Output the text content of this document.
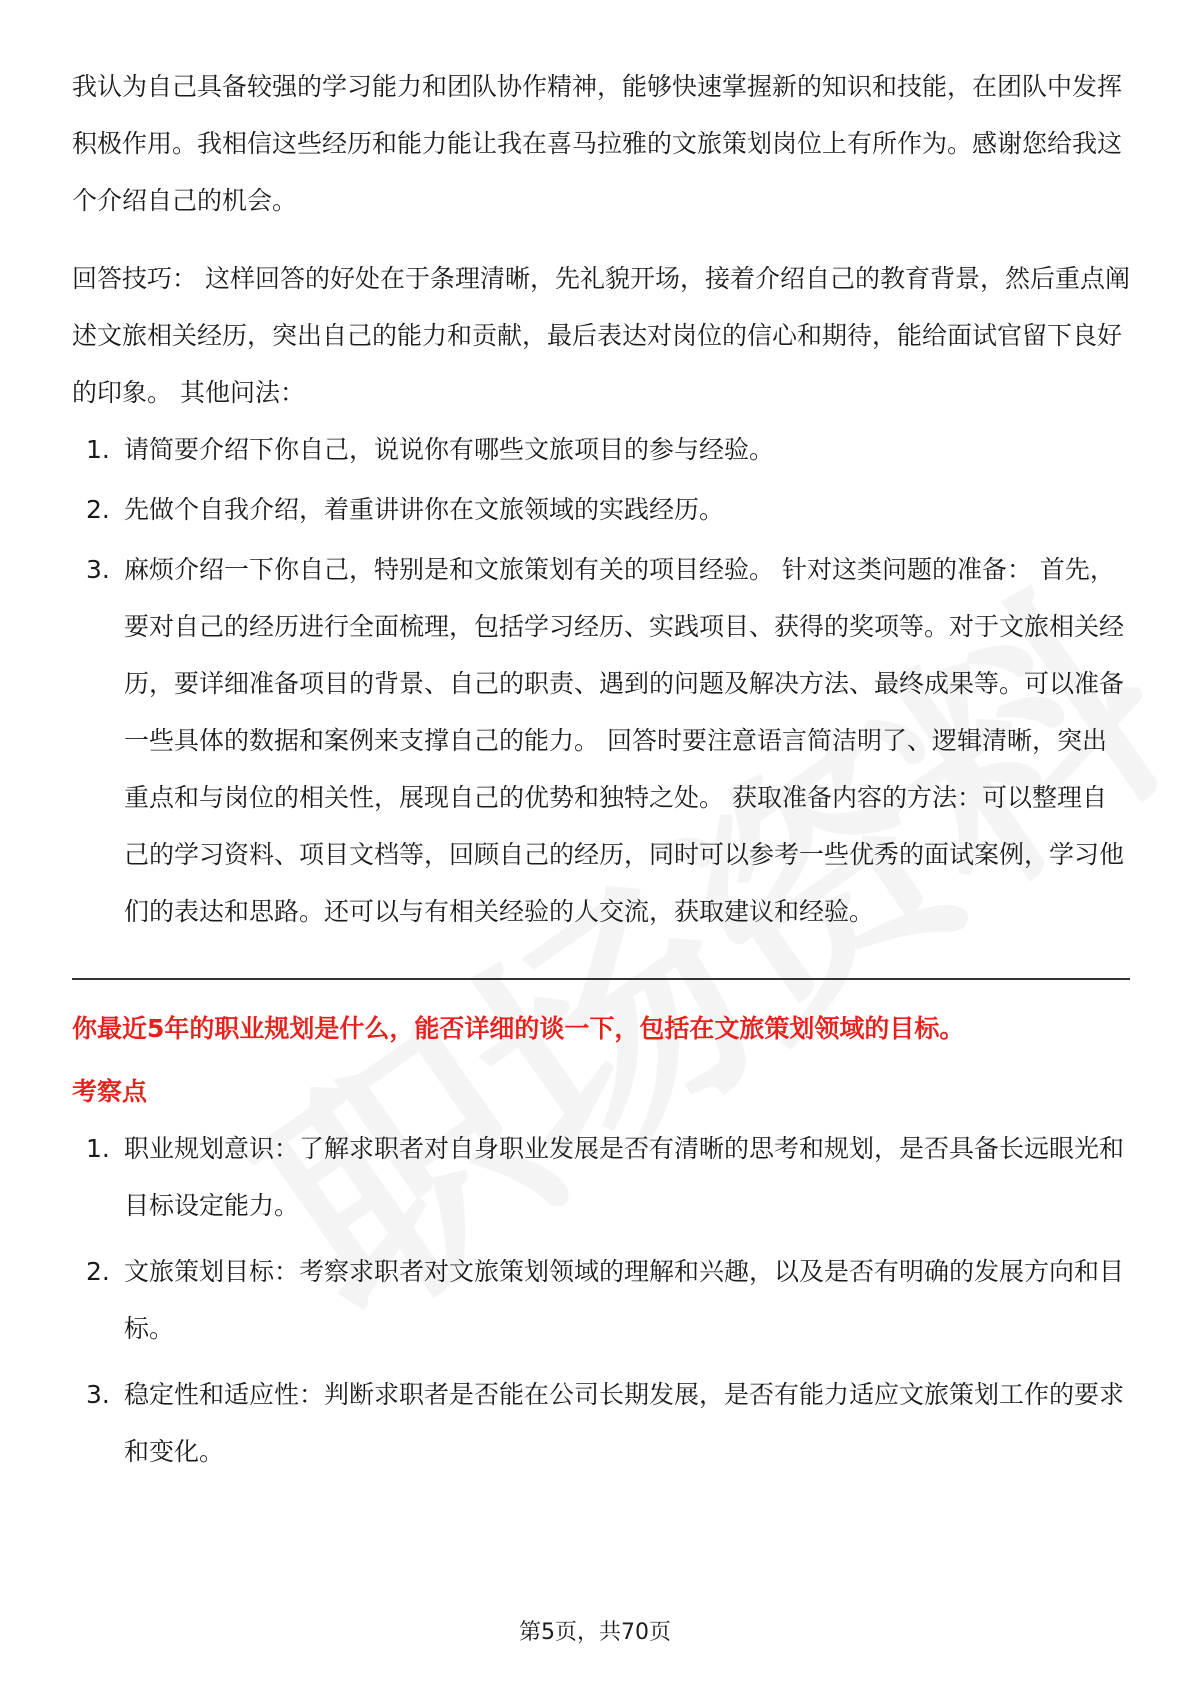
我认为自己具备较强的学习能力和团队协作精神，能够快速掌握新的知识和技能，在团队中发挥积极作用。我相信这些经历和能力能让我在喜马拉雅的文旅策划岗位上有所作为。感谢您给我这个介绍自己的机会。

回答技巧： 这样回答的好处在于条理清晰，先礼貌开场，接着介绍自己的教育背景，然后重点阐述文旅相关经历，突出自己的能力和贡献，最后表达对岗位的信心和期待，能给面试官留下良好的印象。 其他问法：

1. 请简要介绍下你自己，说说你有哪些文旅项目的参与经验。
2. 先做个自我介绍，着重讲讲你在文旅领域的实践经历。
3. 麻烦介绍一下你自己，特别是和文旅策划有关的项目经验。 针对这类问题的准备： 首先，要对自己的经历进行全面梳理，包括学习经历、实践项目、获得的奖项等。对于文旅相关经历，要详细准备项目的背景、自己的职责、遇到的问题及解决方法、最终成果等。可以准备一些具体的数据和案例来支撑自己的能力。 回答时要注意语言简洁明了、逻辑清晰，突出重点和与岗位的相关性，展现自己的优势和独特之处。 获取准备内容的方法：可以整理自己的学习资料、项目文档等，回顾自己的经历，同时可以参考一些优秀的面试案例，学习他们的表达和思路。还可以与有相关经验的人交流，获取建议和经验。

你最近5年的职业规划是什么，能否详细的谈一下，包括在文旅策划领域的目标。

考察点

1. 职业规划意识：了解求职者对自身职业发展是否有清晰的思考和规划，是否具备长远眼光和目标设定能力。
2. 文旅策划目标：考察求职者对文旅策划领域的理解和兴趣，以及是否有明确的发展方向和目标。
3. 稳定性和适应性：判断求职者是否能在公司长期发展，是否有能力适应文旅策划工作的要求和变化。
第5页，共70页
